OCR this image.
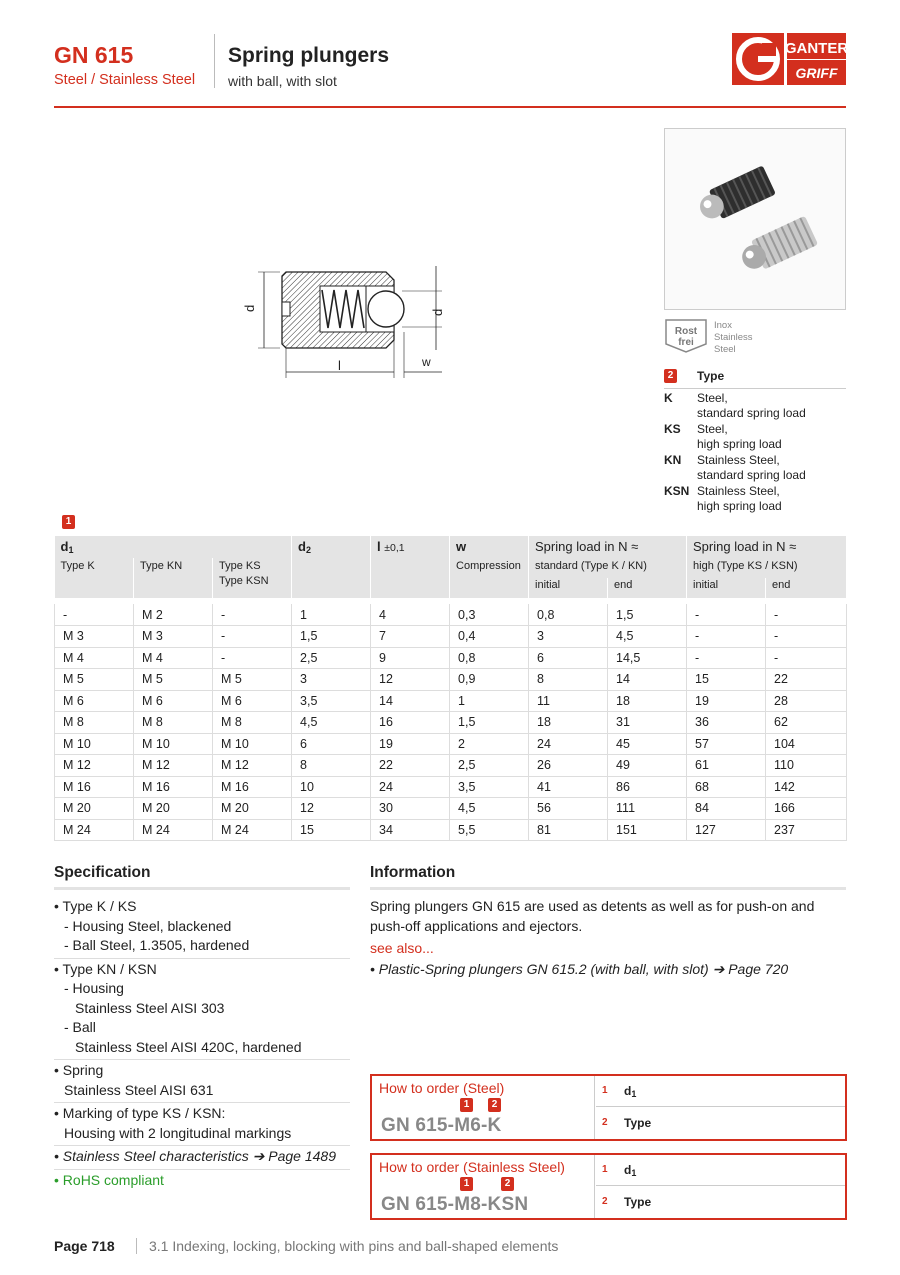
GN 615
Steel / Stainless Steel
Spring plungers
with ball, with slot
GANTER
GRIFF
d
d
l	w
Rost
frei
Inox
Stainless
Steel
2	Type
K Steel,
standard spring load
KS Steel,
high spring load
KN Stainless Steel,
standard spring load
KSN Stainless Steel,
high spring load
1
d1			d2	l ±0,1	w	Spring load in N ≈		Spring load in N ≈	
Type K	Type KN	Type KS
Type KSN			Compression	standard (Type K / KN)		high (Type KS / KSN)	
						initial	end	initial	end

-	M 2	-	1	4	0,3	0,8	1,5	-	-
M 3	M 3	-	1,5	7	0,4	3	4,5	-	-
M 4	M 4	-	2,5	9	0,8	6	14,5	-	-
M 5	M 5	M 5	3	12	0,9	8	14	15	22
M 6	M 6	M 6	3,5	14	1	11	18	19	28
M 8	M 8	M 8	4,5	16	1,5	18	31	36	62
M 10	M 10	M 10	6	19	2	24	45	57	104
M 12	M 12	M 12	8	22	2,5	26	49	61	110
M 16	M 16	M 16	10	24	3,5	41	86	68	142
M 20	M 20	M 20	12	30	4,5	56	111	84	166
M 24	M 24	M 24	15	34	5,5	81	151	127	237
Specification
• Type K / KS
- Housing Steel, blackened
- Ball Steel, 1.3505, hardened
• Type KN / KSN
- Housing
Stainless Steel AISI 303
- Ball
Stainless Steel AISI 420C, hardened
• Spring
Stainless Steel AISI 631
• Marking of type KS / KSN:
Housing with 2 longitudinal markings
• Stainless Steel characteristics ➔ Page 1489
• RoHS compliant
Information
Spring plungers GN 615 are used as detents as well as for push-on and push-off applications and ejectors.
see also...
• Plastic-Spring plungers GN 615.2 (with ball, with slot) ➔ Page 720
How to order (Steel)
1	2
GN 615-M6-K
1 d1
2 Type
How to order (Stainless Steel)
1	2
GN 615-M8-KSN
1 d1
2 Type
Page 718 3.1 Indexing, locking, blocking with pins and ball-shaped elements
